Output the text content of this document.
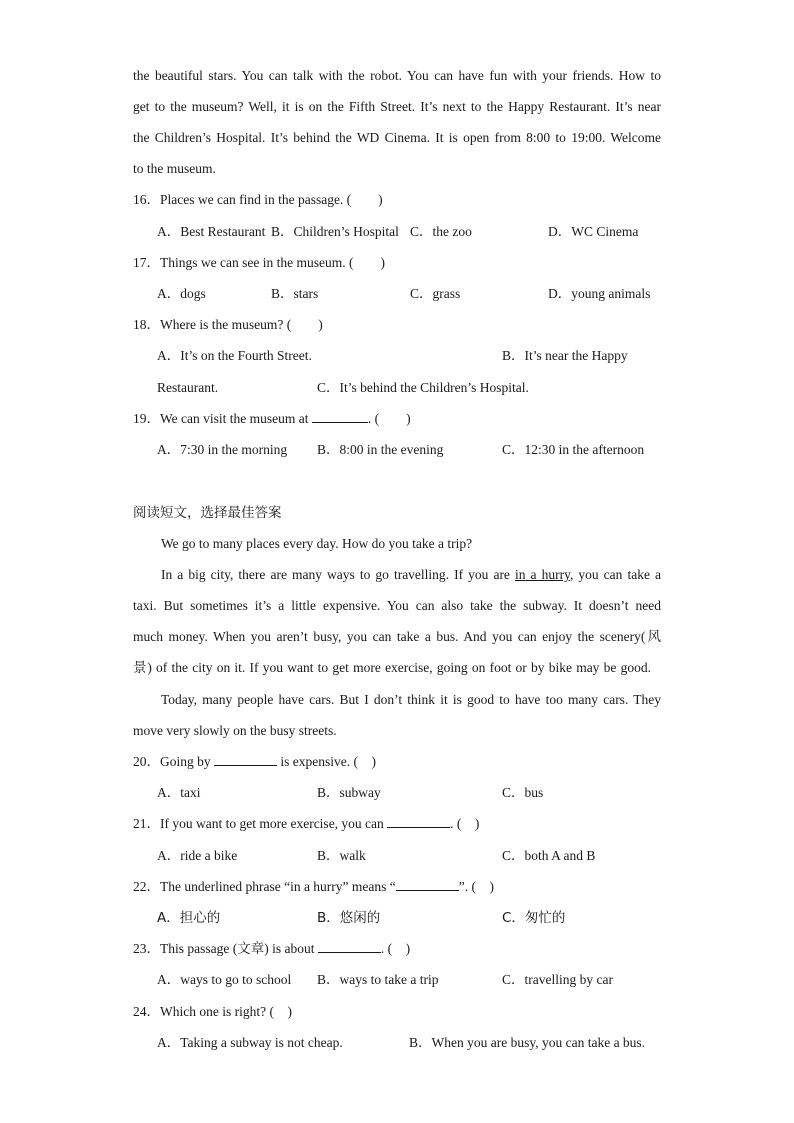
the beautiful stars. You can talk with the robot. You can have fun with your friends. How to
get to the museum? Well, it is on the Fifth Street. It’s next to the Happy Restaurant. It’s near
the Children’s Hospital. It’s behind the WD Cinema. It is open from 8:00 to 19:00. Welcome
to the museum.
16．Places we can find in the passage. (　　)
A．Best Restaurant B．Children’s Hospital C．the zoo	D．WC Cinema
17．Things we can see in the museum. (　　)
A．dogs	B．stars	C．grass	D．young animals
18．Where is the museum? (　　)
A．It’s on the Fourth Street.	B．It’s near the Happy
Restaurant.	C．It’s behind the Children’s Hospital.
19．We can visit the museum at	. (　　)
A．7:30 in the morning B．8:00 in the evening	C．12:30 in the afternoon
阅读短文，选择最佳答案
We go to many places every day. How do you take a trip?
In a big city, there are many ways to go travelling. If you are in a hurry, you can take a
taxi. But sometimes it’s a little expensive. You can also take the subway. It doesn’t need
much money. When you aren’t busy, you can take a bus. And you can enjoy the scenery(风
景) of the city on it. If you want to get more exercise, going on foot or by bike may be good.
Today, many people have cars. But I don’t think it is good to have too many cars. They
move very slowly on the busy streets.
20．Going by	is expensive. (　)
A．taxi	B．subway	C．bus
21．If you want to get more exercise, you can	. (　)
A．ride a bike	B．walk	C．both A and B
22．The underlined phrase “in a hurry” means “	”. (　)
A．担心的	B．悠闲的	C．匆忙的
23．This passage (文章) is about	. (　)
A．ways to go to school B．ways to take a trip	C．travelling by car
24．Which one is right? (　)
A．Taking a subway is not cheap.	B．When you are busy, you can take a bus.
